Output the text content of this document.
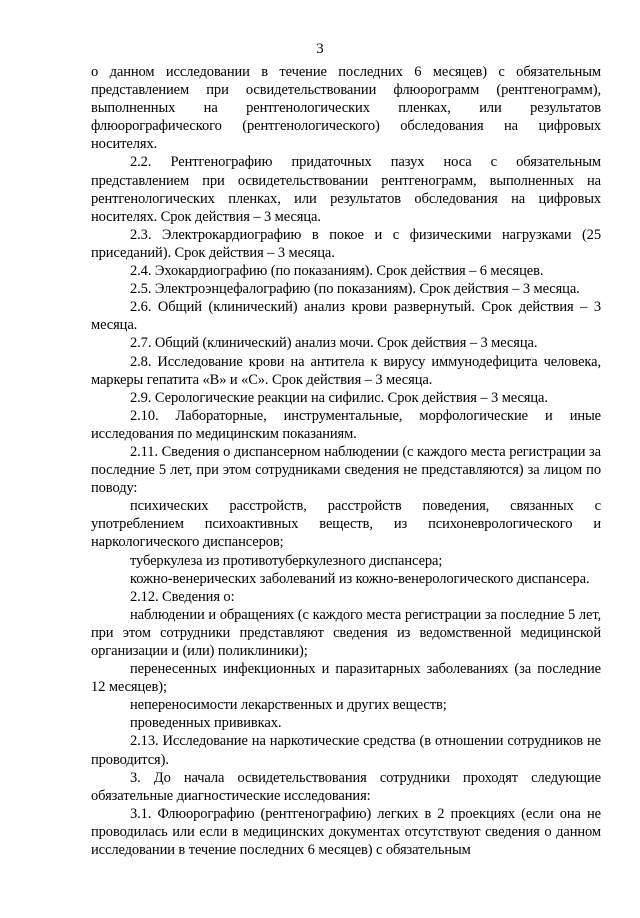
3

о данном исследовании в течение последних 6 месяцев) с обязательным представлением при освидетельствовании флюорограмм (рентгенограмм), выполненных на рентгенологических пленках, или результатов флюорографического (рентгенологического) обследования на цифровых носителях.

2.2. Рентгенографию придаточных пазух носа с обязательным представлением при освидетельствовании рентгенограмм, выполненных на рентгенологических пленках, или результатов обследования на цифровых носителях. Срок действия – 3 месяца.

2.3. Электрокардиографию в покое и с физическими нагрузками (25 приседаний). Срок действия – 3 месяца.

2.4. Эхокардиографию (по показаниям). Срок действия – 6 месяцев.

2.5. Электроэнцефалографию (по показаниям). Срок действия – 3 месяца.

2.6. Общий (клинический) анализ крови развернутый. Срок действия – 3 месяца.

2.7. Общий (клинический) анализ мочи. Срок действия – 3 месяца.

2.8. Исследование крови на антитела к вирусу иммунодефицита человека, маркеры гепатита «В» и «С». Срок действия – 3 месяца.

2.9. Серологические реакции на сифилис. Срок действия – 3 месяца.

2.10. Лабораторные, инструментальные, морфологические и иные исследования по медицинским показаниям.

2.11. Сведения о диспансерном наблюдении (с каждого места регистрации за последние 5 лет, при этом сотрудниками сведения не представляются) за лицом по поводу:

психических расстройств, расстройств поведения, связанных с употреблением психоактивных веществ, из психоневрологического и наркологического диспансеров;

туберкулеза из противотуберкулезного диспансера;

кожно-венерических заболеваний из кожно-венерологического диспансера.

2.12. Сведения о:

наблюдении и обращениях (с каждого места регистрации за последние 5 лет, при этом сотрудники представляют сведения из ведомственной медицинской организации и (или) поликлиники);

перенесенных инфекционных и паразитарных заболеваниях (за последние 12 месяцев);

непереносимости лекарственных и других веществ;

проведенных прививках.

2.13. Исследование на наркотические средства (в отношении сотрудников не проводится).

3. До начала освидетельствования сотрудники проходят следующие обязательные диагностические исследования:

3.1. Флюорографию (рентгенографию) легких в 2 проекциях (если она не проводилась или если в медицинских документах отсутствуют сведения о данном исследовании в течение последних 6 месяцев) с обязательным
